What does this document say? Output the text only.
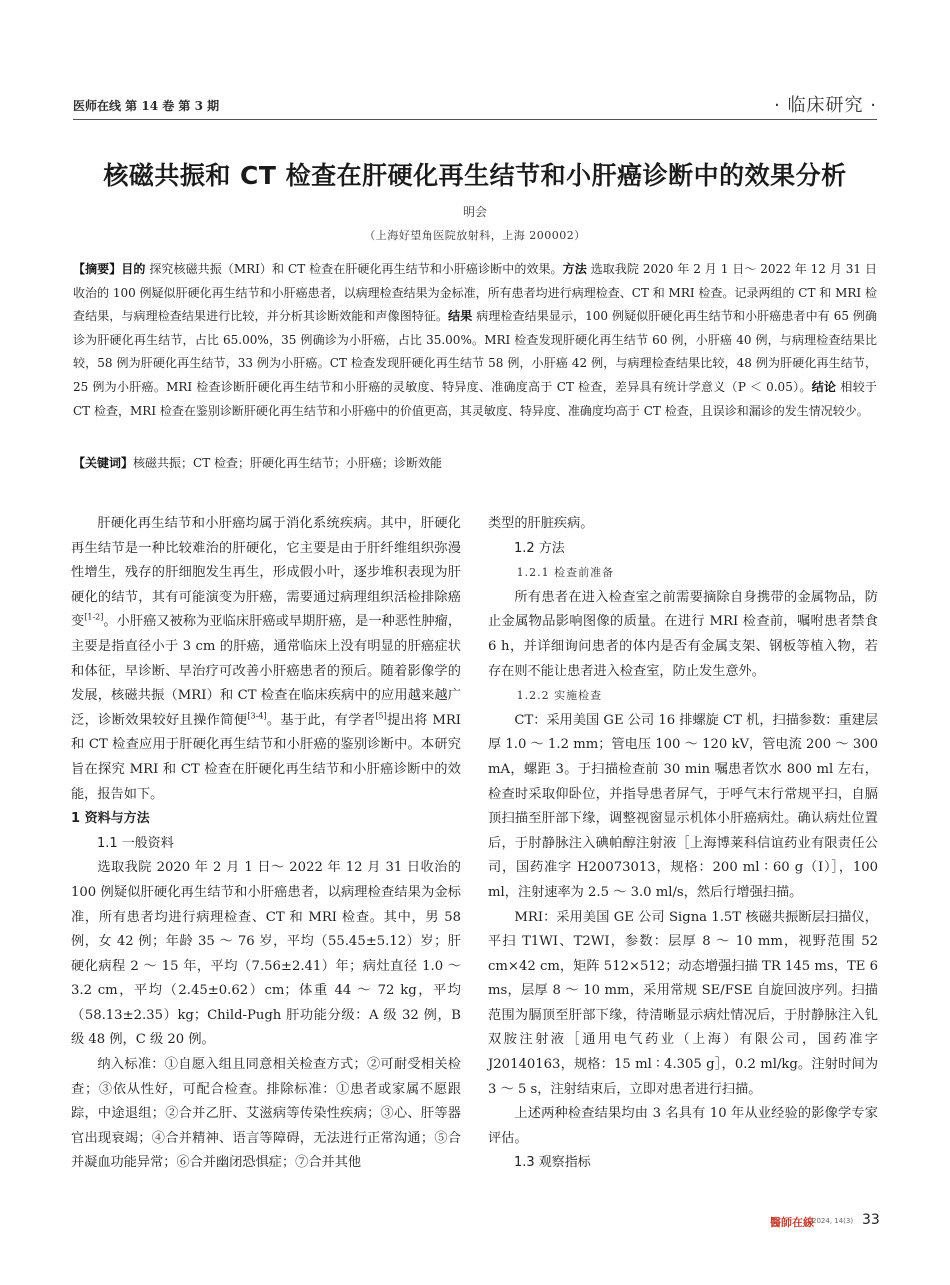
医师在线 第 14 卷 第 3 期	· 临床研究 ·
核磁共振和 CT 检查在肝硬化再生结节和小肝癌诊断中的效果分析
明会
（上海好望角医院放射科，上海 200002）
【摘要】目的 探究核磁共振（MRI）和 CT 检查在肝硬化再生结节和小肝癌诊断中的效果。方法 选取我院 2020 年 2 月 1 日～ 2022 年 12 月 31 日收治的 100 例疑似肝硬化再生结节和小肝癌患者，以病理检查结果为金标准，所有患者均进行病理检查、CT 和 MRI 检查。记录两组的 CT 和 MRI 检查结果，与病理检查结果进行比较，并分析其诊断效能和声像图特征。结果 病理检查结果显示，100 例疑似肝硬化再生结节和小肝癌患者中有 65 例确诊为肝硬化再生结节，占比 65.00%，35 例确诊为小肝癌，占比 35.00%。MRI 检查发现肝硬化再生结节 60 例，小肝癌 40 例，与病理检查结果比较，58 例为肝硬化再生结节，33 例为小肝癌。CT 检查发现肝硬化再生结节 58 例，小肝癌 42 例，与病理检查结果比较，48 例为肝硬化再生结节，25 例为小肝癌。MRI 检查诊断肝硬化再生结节和小肝癌的灵敏度、特异度、准确度高于 CT 检查，差异具有统计学意义（P ＜ 0.05）。结论 相较于 CT 检查，MRI 检查在鉴别诊断肝硬化再生结节和小肝癌中的价值更高，其灵敏度、特异度、准确度均高于 CT 检查，且误诊和漏诊的发生情况较少。
【关键词】核磁共振；CT 检查；肝硬化再生结节；小肝癌；诊断效能

肝硬化再生结节和小肝癌均属于消化系统疾病。其中，肝硬化再生结节是一种比较难治的肝硬化，它主要是由于肝纤维组织弥漫性增生，残存的肝细胞发生再生，形成假小叶，逐步堆积表现为肝硬化的结节，其有可能演变为肝癌，需要通过病理组织活检排除癌变[1-2]。小肝癌又被称为亚临床肝癌或早期肝癌，是一种恶性肿瘤，主要是指直径小于 3 cm 的肝癌，通常临床上没有明显的肝癌症状和体征，早诊断、早治疗可改善小肝癌患者的预后。随着影像学的发展，核磁共振（MRI）和 CT 检查在临床疾病中的应用越来越广泛，诊断效果较好且操作简便[3-4]。基于此，有学者[5]提出将 MRI 和 CT 检查应用于肝硬化再生结节和小肝癌的鉴别诊断中。本研究旨在探究 MRI 和 CT 检查在肝硬化再生结节和小肝癌诊断中的效能，报告如下。

1 资料与方法
1.1 一般资料

选取我院 2020 年 2 月 1 日～ 2022 年 12 月 31 日收治的 100 例疑似肝硬化再生结节和小肝癌患者，以病理检查结果为金标准，所有患者均进行病理检查、CT 和 MRI 检查。其中，男 58 例，女 42 例；年龄 35 ～ 76 岁，平均（55.45±5.12）岁；肝硬化病程 2 ～ 15 年，平均（7.56±2.41）年；病灶直径 1.0 ～ 3.2 cm，平均（2.45±0.62）cm；体重 44 ～ 72 kg，平均（58.13±2.35）kg；Child-Pugh 肝功能分级：A 级 32 例，B 级 48 例，C 级 20 例。

纳入标准：①自愿入组且同意相关检查方式；②可耐受相关检查；③依从性好，可配合检查。排除标准：①患者或家属不愿跟踪，中途退组；②合并乙肝、艾滋病等传染性疾病；③心、肝等器官出现衰竭；④合并精神、语言等障碍，无法进行正常沟通；⑤合并凝血功能异常；⑥合并幽闭恐惧症；⑦合并其他

类型的肝脏疾病。

1.2 方法
1.2.1 检查前准备

所有患者在进入检查室之前需要摘除自身携带的金属物品，防止金属物品影响图像的质量。在进行 MRI 检查前，嘱咐患者禁食 6 h，并详细询问患者的体内是否有金属支架、钢板等植入物，若存在则不能让患者进入检查室，防止发生意外。

1.2.2 实施检查

CT：采用美国 GE 公司 16 排螺旋 CT 机，扫描参数：重建层厚 1.0 ～ 1.2 mm；管电压 100 ～ 120 kV，管电流 200 ～ 300 mA，螺距 3。于扫描检查前 30 min 嘱患者饮水 800 ml 左右，检查时采取仰卧位，并指导患者屏气，于呼气末行常规平扫，自膈顶扫描至肝部下缘，调整视窗显示机体小肝癌病灶。确认病灶位置后，于肘静脉注入碘帕醇注射液［上海博莱科信谊药业有限责任公司，国药准字 H20073013，规格：200 ml ∶ 60 g（I）］，100 ml，注射速率为 2.5 ～ 3.0 ml/s，然后行增强扫描。

MRI：采用美国 GE 公司 Signa 1.5T 核磁共振断层扫描仪，平扫 T1WI、T2WI，参数：层厚 8 ～ 10 mm，视野范围 52 cm×42 cm，矩阵 512×512；动态增强扫描 TR 145 ms，TE 6 ms，层厚 8 ～ 10 mm，采用常规 SE/FSE 自旋回波序列。扫描范围为膈顶至肝部下缘，待清晰显示病灶情况后，于肘静脉注入钆双胺注射液［通用电气药业（上海）有限公司，国药准字 J20140163，规格：15 ml ∶ 4.305 g］，0.2 ml/kg。注射时间为 3 ～ 5 s，注射结束后，立即对患者进行扫描。

上述两种检查结果均由 3 名具有 10 年从业经验的影像学专家评估。

1.3 观察指标
醫師在線
2024, 14(3) 33
